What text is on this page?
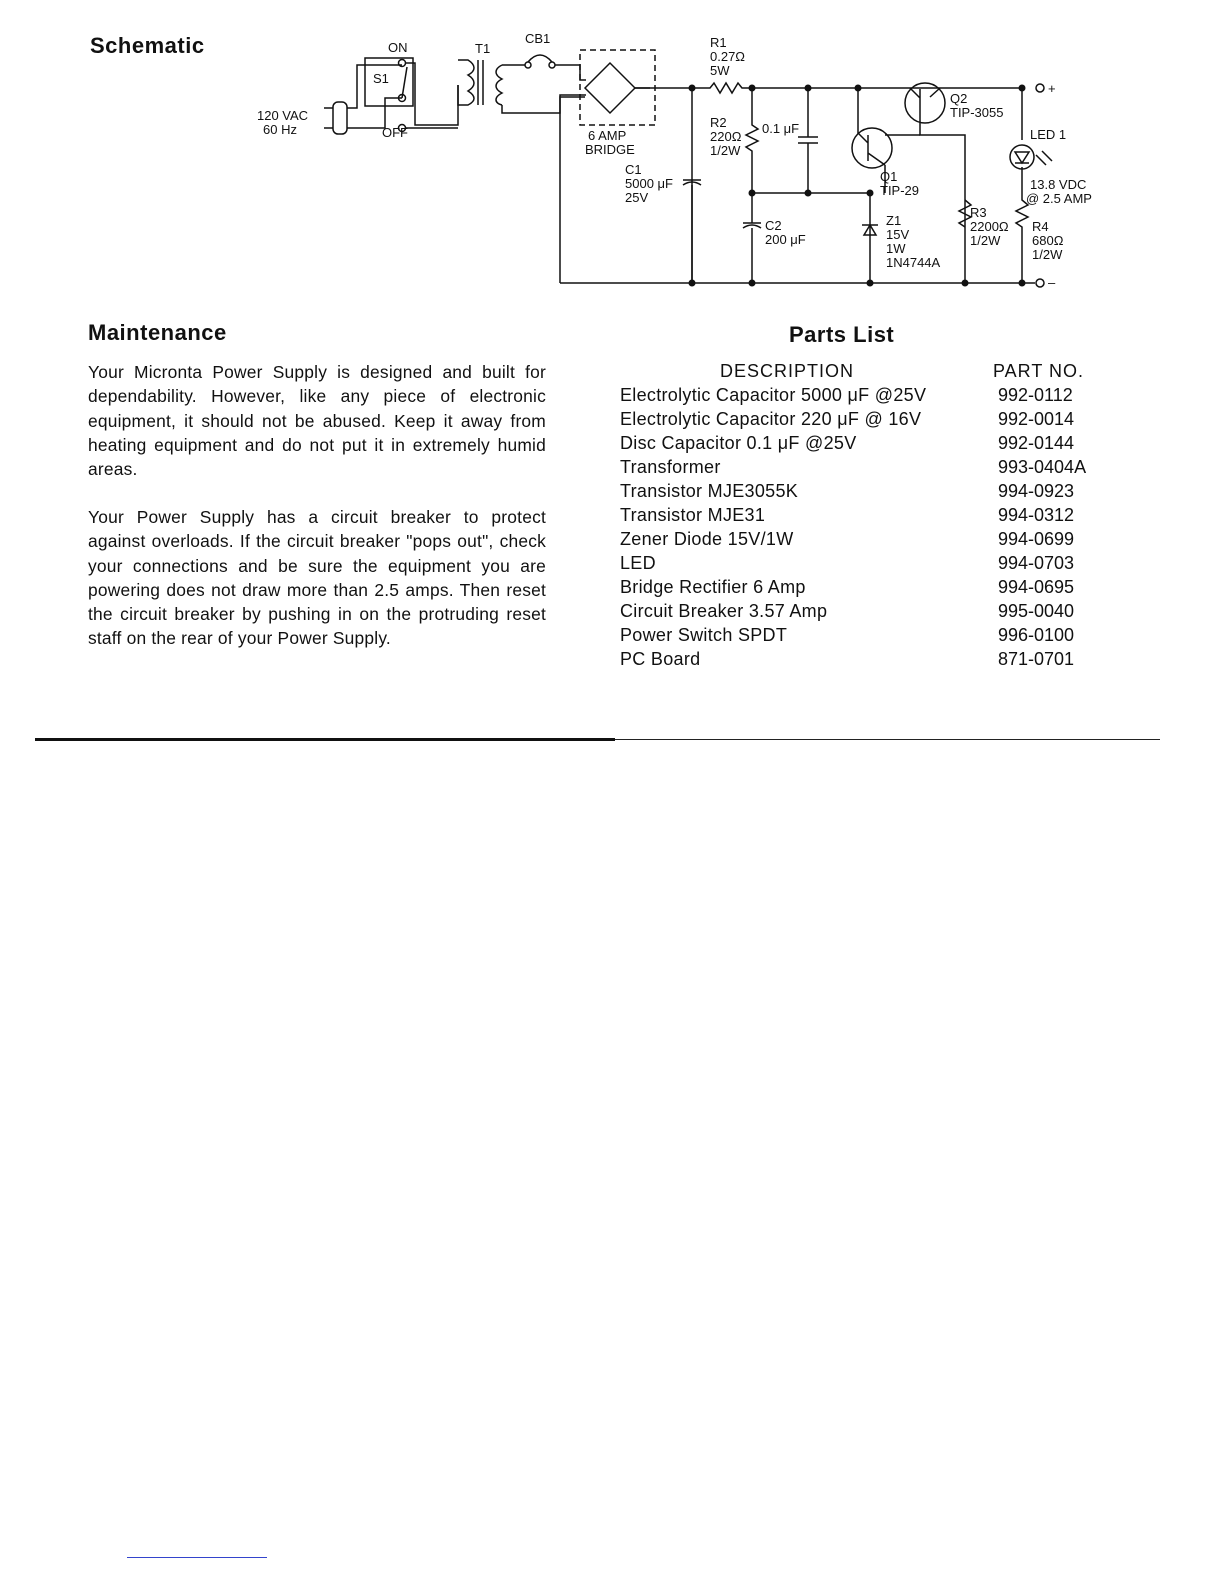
Schematic
Maintenance	Parts List
ON
OFF
S1
T1
CB1
120 VAC
60 Hz	6 AMP
BRIDGE
R1
0.27Ω
5W
R2
220Ω
1/2W
0.1 μF
C1
5000 μF
25V
C2
200 μF
Q1
TIP-29
Q2
TIP-3055
Z1
15V
1W
1N4744A
R3
2200Ω
1/2W
R4
680Ω
1/2W
LED 1
13.8 VDC
@ 2.5 AMP
+
–
Your Micronta Power Supply is designed and built for dependability. However, like any piece of electronic equipment, it should not be abused. Keep it away from heating equipment and do not put it in extremely humid areas.
Your Power Supply has a circuit breaker to protect against overloads. If the circuit breaker "pops out", check your connections and be sure the equipment you are powering does not draw more than 2.5 amps. Then reset the circuit breaker by pushing in on the protruding reset staff on the rear of your Power Supply.
DESCRIPTION	PART NO.
Electrolytic Capacitor 5000 μF @25V	992-0112
Electrolytic Capacitor 220 μF @ 16V	992-0014
Disc Capacitor 0.1 μF @25V	992-0144
Transformer	993-0404A
Transistor MJE3055K	994-0923
Transistor MJE31	994-0312
Zener Diode 15V/1W	994-0699
LED	994-0703
Bridge Rectifier 6 Amp	994-0695
Circuit Breaker 3.57 Amp	995-0040
Power Switch SPDT	996-0100
PC Board	871-0701
